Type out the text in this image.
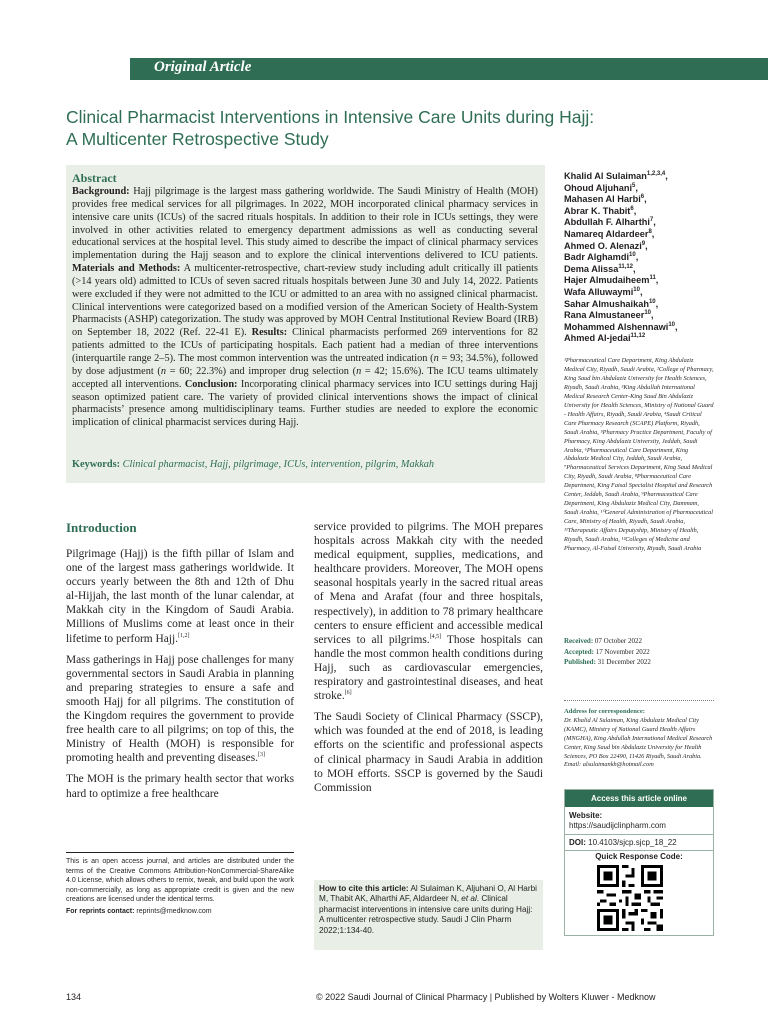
Original Article
Clinical Pharmacist Interventions in Intensive Care Units during Hajj:
A Multicenter Retrospective Study
Abstract
Background: Hajj pilgrimage is the largest mass gathering worldwide. The Saudi Ministry of Health (MOH) provides free medical services for all pilgrimages. In 2022, MOH incorporated clinical pharmacy services in intensive care units (ICUs) of the sacred rituals hospitals. In addition to their role in ICUs settings, they were involved in other activities related to emergency department admissions as well as conducting several educational services at the hospital level. This study aimed to describe the impact of clinical pharmacy services implementation during the Hajj season and to explore the clinical interventions delivered to ICU patients. Materials and Methods: A multicenter-retrospective, chart-review study including adult critically ill patients (>14 years old) admitted to ICUs of seven sacred rituals hospitals between June 30 and July 14, 2022. Patients were excluded if they were not admitted to the ICU or admitted to an area with no assigned clinical pharmacist. Clinical interventions were categorized based on a modified version of the American Society of Health-System Pharmacists (ASHP) categorization. The study was approved by MOH Central Institutional Review Board (IRB) on September 18, 2022 (Ref. 22-41 E). Results: Clinical pharmacists performed 269 interventions for 82 patients admitted to the ICUs of participating hospitals. Each patient had a median of three interventions (interquartile range 2–5). The most common intervention was the untreated indication (n = 93; 34.5%), followed by dose adjustment (n = 60; 22.3%) and improper drug selection (n = 42; 15.6%). The ICU teams ultimately accepted all interventions. Conclusion: Incorporating clinical pharmacy services into ICU settings during Hajj season optimized patient care. The variety of provided clinical interventions shows the impact of clinical pharmacists’ presence among multidisciplinary teams. Further studies are needed to explore the economic implication of clinical pharmacist services during Hajj.
Keywords: Clinical pharmacist, Hajj, pilgrimage, ICUs, intervention, pilgrim, Makkah
Khalid Al Sulaiman$^{1,2,3,4}$,
Ohoud Aljuhani$^5$,
Mahasen Al Harbi$^6$,
Abrar K. Thabit$^6$,
Abdullah F. Alharthi$^7$,
Namareq Aldardeer$^8$,
Ahmed O. Alenazi$^9$,
Badr Alghamdi$^{10}$,
Dema Alissa$^{11,12}$,
Hajer Almudaiheem$^{11}$,
Wafa Alluwaymi$^{10}$,
Sahar Almushaikah$^{10}$,
Rana Almustaneer$^{10}$,
Mohammed Alshennawi$^{10}$,
Ahmed Al-jedai$^{11,12}$
¹Pharmaceutical Care Department, King Abdulaziz Medical City, Riyadh, Saudi Arabia, ²College of Pharmacy, King Saud bin Abdulaziz University for Health Sciences, Riyadh, Saudi Arabia, ³King Abdullah International Medical Research Center-King Saud Bin Abdulaziz University for Health Sciences, Ministry of National Guard - Health Affairs, Riyadh, Saudi Arabia, ⁴Saudi Critical Care Pharmacy Research (SCAPE) Platform, Riyadh, Saudi Arabia, ⁵Pharmacy Practice Department, Faculty of Pharmacy, King Abdulaziz University, Jeddah, Saudi Arabia, ⁶Pharmaceutical Care Department, King Abdulaziz Medical City, Jeddah, Saudi Arabia, ⁷Pharmaceutical Services Department, King Saud Medical City, Riyadh, Saudi Arabia, ⁸Pharmaceutical Care Department, King Faisal Specialist Hospital and Research Center, Jeddah, Saudi Arabia, ⁹Pharmaceutical Care Department, King Abdulaziz Medical City, Dammam, Saudi Arabia, ¹⁰General Administration of Pharmaceutical Care, Ministry of Health, Riyadh, Saudi Arabia, ¹¹Therapeutic Affairs Deputyship, Ministry of Health, Riyadh, Saudi Arabia, ¹²Colleges of Medicine and Pharmacy, Al-Faisal University, Riyadh, Saudi Arabia
Received: 07 October 2022
Accepted: 17 November 2022
Published: 31 December 2022
Address for correspondence:
Dr. Khalid Al Sulaiman, King Abdulaziz Medical City (KAMC), Ministry of National Guard Health Affairs (MNGHA), King Abdullah International Medical Research Center, King Saud bin Abdulaziz University for Health Sciences, PO Box 22490, 11426 Riyadh, Saudi Arabia. Email: alsulaimankh@hotmail.com
Access this article online
Website:
https://saudijclinpharm.com
DOI: 10.4103/sjcp.sjcp_18_22
Quick Response Code:
Introduction

Pilgrimage (Hajj) is the fifth pillar of Islam and one of the largest mass gatherings worldwide. It occurs yearly between the 8th and 12th of Dhu al-Hijjah, the last month of the lunar calendar, at Makkah city in the Kingdom of Saudi Arabia. Millions of Muslims come at least once in their lifetime to perform Hajj.[1,2]

Mass gatherings in Hajj pose challenges for many governmental sectors in Saudi Arabia in planning and preparing strategies to ensure a safe and smooth Hajj for all pilgrims. The constitution of the Kingdom requires the government to provide free health care to all pilgrims; on top of this, the Ministry of Health (MOH) is responsible for promoting health and preventing diseases.[3]

The MOH is the primary health sector that works hard to optimize a free healthcare

service provided to pilgrims. The MOH prepares hospitals across Makkah city with the needed medical equipment, supplies, medications, and healthcare providers. Moreover, The MOH opens seasonal hospitals yearly in the sacred ritual areas of Mena and Arafat (four and three hospitals, respectively), in addition to 78 primary healthcare centers to ensure efficient and accessible medical services to all pilgrims.[4,5] Those hospitals can handle the most common health conditions during Hajj, such as cardiovascular emergencies, respiratory and gastrointestinal diseases, and heat stroke.[6]

The Saudi Society of Clinical Pharmacy (SSCP), which was founded at the end of 2018, is leading efforts on the scientific and professional aspects of clinical pharmacy in Saudi Arabia in addition to MOH efforts. SSCP is governed by the Saudi Commission

This is an open access journal, and articles are distributed under the terms of the Creative Commons Attribution-NonCommercial-ShareAlike 4.0 License, which allows others to remix, tweak, and build upon the work non-commercially, as long as appropriate credit is given and the new creations are licensed under the identical terms.
For reprints contact: reprints@medknow.com
How to cite this article: Al Sulaiman K, Aljuhani O, Al Harbi M, Thabit AK, Alharthi AF, Aldardeer N, et al. Clinical pharmacist interventions in intensive care units during Hajj: A multicenter retrospective study. Saudi J Clin Pharm 2022;1:134-40.
134	© 2022 Saudi Journal of Clinical Pharmacy | Published by Wolters Kluwer - Medknow
